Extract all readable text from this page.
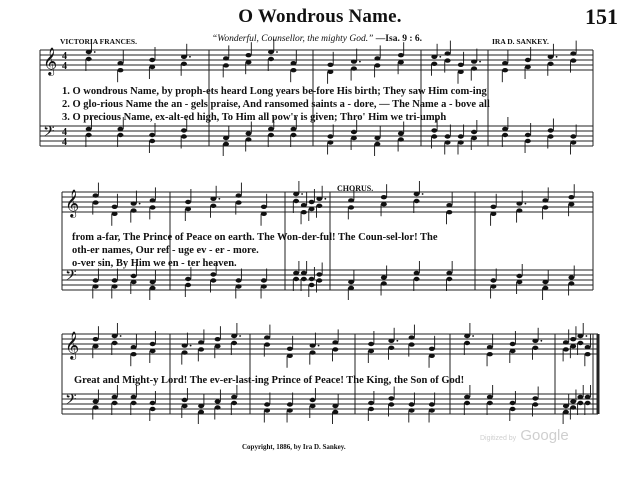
𝄞 4
4
𝄢 4
4
𝄞
𝄢
𝄞
𝄢
O Wondrous Name.	151
VICTORIA FRANCES.	“Wonderful, Counsellor, the mighty God.” —Isa. 9 : 6.	IRA D. SANKEY.
1. O wondrous Name, by proph-ets heard Long years be-fore His birth; They saw Him com-ing
2. O glo-rious Name the an - gels praise, And ransomed saints a - dore, — The Name a - bove all
3. O precious Name, ex-alt-ed high, To Him all pow'r is given; Thro' Him we tri-umph
CHORUS.
from a-far, The Prince of Peace on earth. The Won-der-ful! The Coun-sel-lor! The
oth-er names, Our ref - uge ev - er - more.
o-ver sin, By Him we en - ter heaven.
Great and Might-y Lord! The ev-er-last-ing Prince of Peace! The King, the Son of God!
Copyright, 1886, by Ira D. Sankey.
Digitized by Google
